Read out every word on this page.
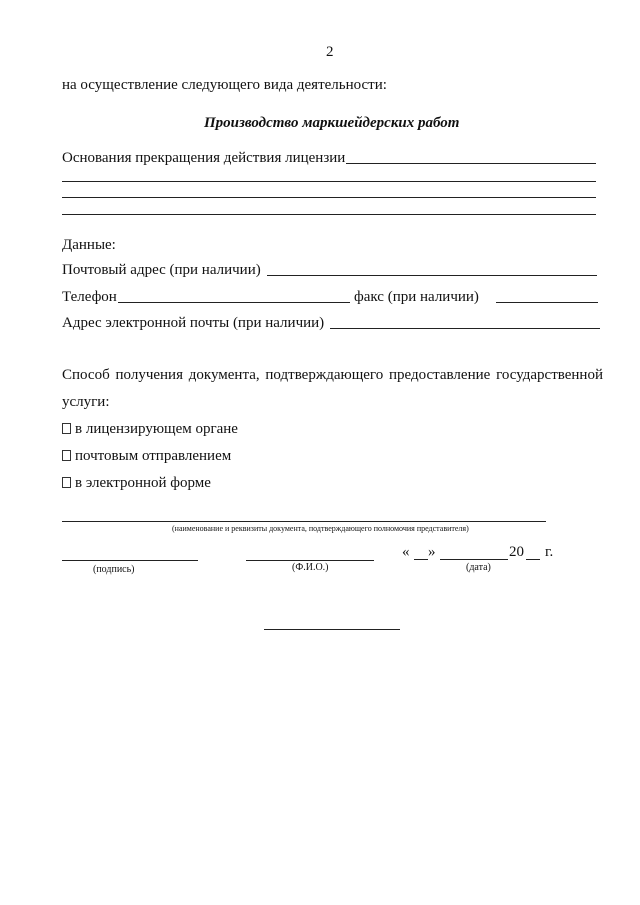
2
на осуществление следующего вида деятельности:
Производство маркшейдерских работ
Основания прекращения действия лицензии
Данные:
Почтовый адрес (при наличии)
Телефон	факс (при наличии)
Адрес электронной почты (при наличии)
Способ получения документа, подтверждающего предоставление государственной
услуги:
в лицензирующем органе
почтовым отправлением
в электронной форме
(наименование и реквизиты документа, подтверждающего полномочия представителя)
« »	20 г.
(подпись)	(Ф.И.О.)	(дата)
